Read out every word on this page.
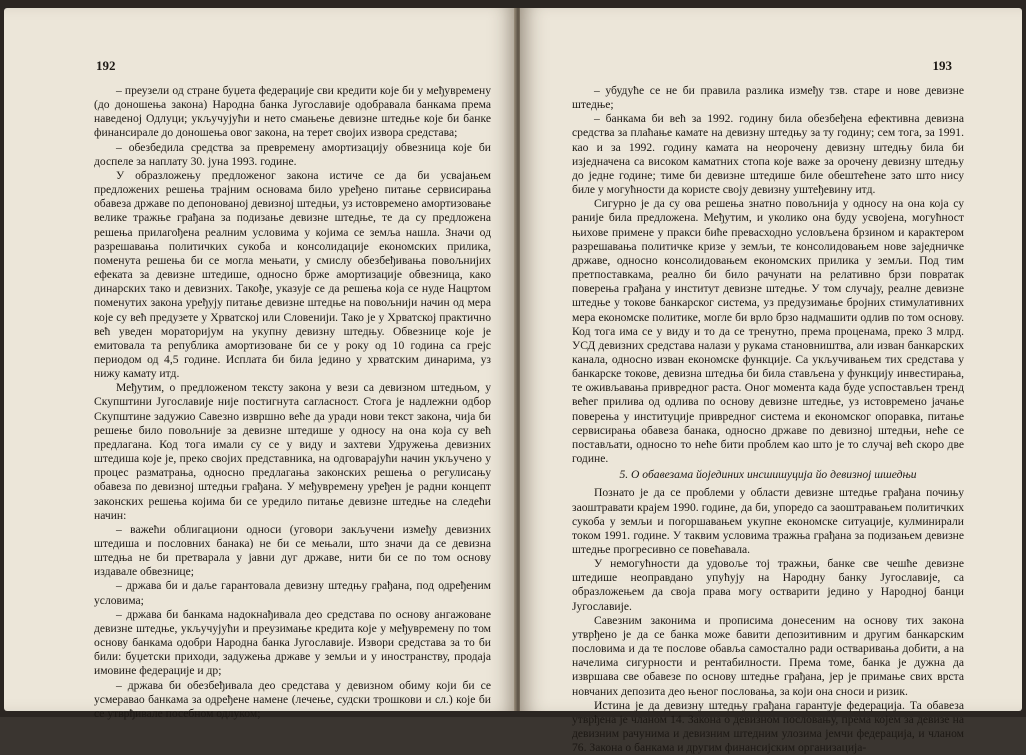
192

– преузели од стране буџета федерације сви кредити које би у међувремену (до доношења закона) Народна банка Југославије одобравала банкама према наведеној Одлуци; укључујући и нето смањење девизне штедње које би банке финансирале до доношења овог закона, на терет својих извора средстава;

– обезбедила средства за превремену амортизацију обвезница које би доспеле за наплату 30. јуна 1993. године.

У образложењу предложеног закона истиче се да би усвајањем предложених решења трајним основама било уређено питање сервисирања обавеза државе по депонованој девизној штедњи, уз истовремено амортизовање велике тражње грађана за подизање девизне штедње, те да су предложена решења прилагођена реалним условима у којима се земља нашла. Значи од разрешавања политичких сукоба и консолидације економских прилика, поменута решења би се могла мењати, у смислу обезбеђивања повољнијих ефеката за девизне штедише, односно брже амортизације обвезница, како динарских тако и девизних. Такође, указује се да решења која се нуде Нацртом поменутих закона уређују питање девизне штедње на повољнији начин од мера које су већ предузете у Хрватској или Словенији. Тако је у Хрватској практично већ уведен мораторијум на укупну девизну штедњу. Обвезнице које је емитовала та република амортизоване би се у року од 10 година са грејс периодом од 4,5 године. Исплата би била једино у хрватским динарима, уз нижу камату итд.

Међутим, о предложеном тексту закона у вези са девизном штедњом, у Скупштини Југославије није постигнута сагласност. Стога је надлежни одбор Скупштине задужио Савезно извршно веће да уради нови текст закона, чија би решење било повољније за девизне штедише у односу на она која су већ предлагана. Код тога имали су се у виду и захтеви Удружења девизних штедиша које је, преко својих представника, на одговарајући начин укључено у процес разматрања, односно предлагања законских решења о регулисању обавеза по девизној штедњи грађана. У међувремену уређен је радни концепт законских решења којима би се уредило питање девизне штедње на следећи начин:

– важећи облигациони односи (уговори закључени између девизних штедиша и пословних банака) не би се мењали, што значи да се девизна штедња не би претварала у јавни дуг државе, нити би се по том основу издавале обвезнице;

– држава би и даље гарантовала девизну штедњу грађана, под одређеним условима;

– држава би банкама надокнађивала део средстава по основу ангажоване девизне штедње, укључујући и преузимање кредита које у међувремену по том основу банкама одобри Народна банка Југославије. Извори средстава за то би били: буџетски приходи, задужења државе у земљи и у иностранству, продаја имовине федерације и др;

– држава би обезбеђивала део средстава у девизном обиму који би се усмеравао банкама за одређене намене (лечење, судски трошкови и сл.) које би се утврђивале посебном одлуком;

193

– убудуће се не би правила разлика између тзв. старе и нове девизне штедње;

– банкама би већ за 1992. годину била обезбеђена ефективна девизна средства за плаћање камате на девизну штедњу за ту годину; сем тога, за 1991. као и за 1992. годину камата на неорочену девизну штедњу била би изједначена са високом каматних стопа које важе за орочену девизну штедњу до једне године; тиме би девизне штедише биле обештећене зато што нису биле у могућности да користе своју девизну уштеђевину итд.

Сигурно је да су ова решења знатно повољнија у односу на она која су раније била предложена. Међутим, и уколико она буду усвојена, могућност њихове примене у пракси биће превасходно условљена брзином и карактером разрешавања политичке кризе у земљи, те консолидовањем нове заједничке државе, односно консолидовањем економских прилика у земљи. Под тим претпоставкама, реално би било рачунати на релативно брзи повратак поверења грађана у институт девизне штедње. У том случају, реалне девизне штедње у токове банкарског система, уз предузимање бројних стимулативних мера економске политике, могле би врло брзо надмашити одлив по том основу. Код тога има се у виду и то да се тренутно, према проценама, преко 3 млрд. УСД девизних средстава налази у рукама становништва, али изван банкарских канала, односно изван економске функције. Са укључивањем тих средстава у банкарске токове, девизна штедња би била стављена у функцију инвестирања, те оживљавања привредног раста. Оног момента када буде успостављен тренд већег прилива од одлива по основу девизне штедње, уз истовремено јачање поверења у институције привредног система и економског опоравка, питање сервисирања обавеза банака, односно државе по девизној штедњи, неће се постављати, односно то неће бити проблем као што је то случај већ скоро две године.

5. О обавезама йојединих инсшишуција йо девизној шшедњи

Познато је да се проблеми у области девизне штедње грађана почињу заоштравати крајем 1990. године, да би, упоредо са заоштравањем политичких сукоба у земљи и погоршавањем укупне економске ситуације, кулминирали током 1991. године. У таквим условима тражња грађана за подизањем девизне штедње прогресивно се повећавала.

У немогућности да удовоље тој тражњи, банке све чешће девизне штедише неоправдано упућују на Народну банку Југославије, са образложењем да своја права могу остварити једино у Народној банци Југославије.

Савезним законима и прописима донесеним на основу тих закона утврђено је да се банка може бавити депозитивним и другим банкарским пословима и да те послове обавља самостално ради остваривања добити, а на начелима сигурности и рентабилности. Према томе, банка је дужна да извршава све обавезе по основу штедње грађана, јер је примање свих врста новчаних депозита део њеног пословања, за који она сноси и ризик.

Истина је да девизну штедњу грађана гарантује федерација. Та обавеза утврђена је чланом 14. Закона о девизном пословању, према којем за девизе на девизним рачунима и девизним штедним улозима јемчи федерација, и чланом 76. Закона о банкама и другим финансијским организација-
